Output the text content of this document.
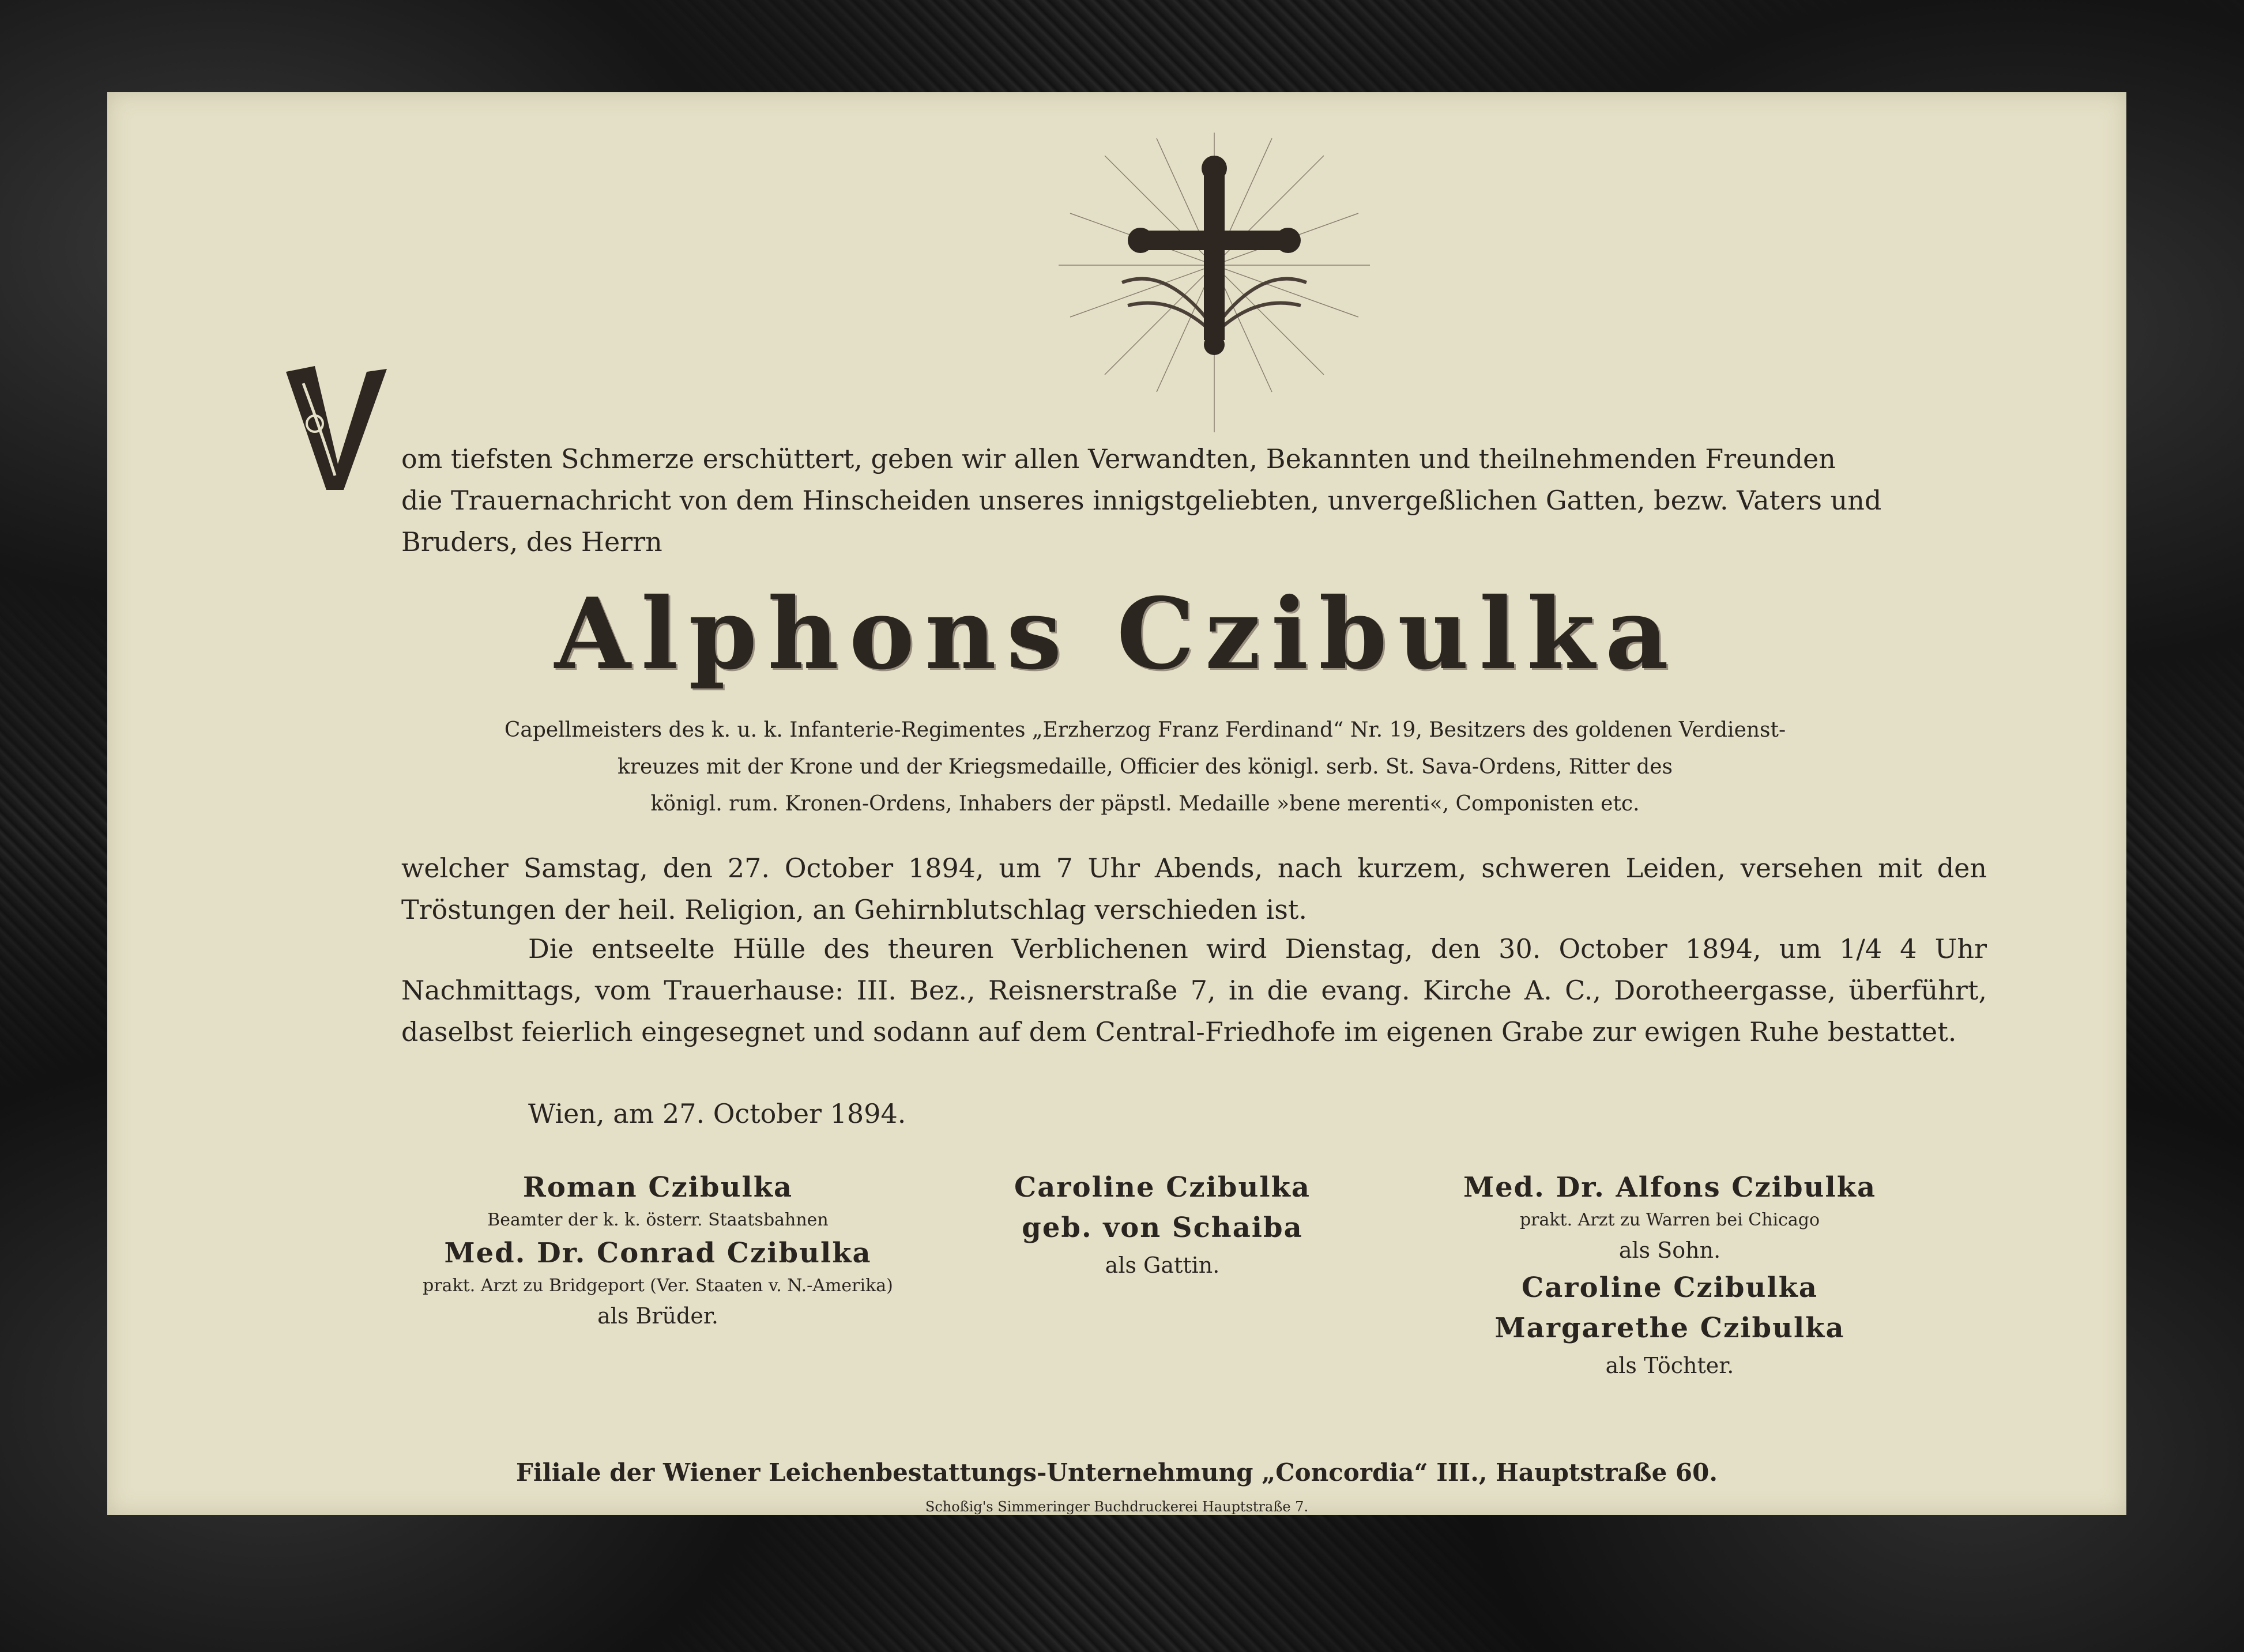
om tiefsten Schmerze erschüttert, geben wir allen Verwandten, Bekannten und theilnehmenden Freunden
die Trauernachricht von dem Hinscheiden unseres innigstgeliebten, unvergeßlichen Gatten, bezw. Vaters und
Bruders, des Herrn
Alphons Czibulka
Capellmeisters des k. u. k. Infanterie-Regimentes „Erzherzog Franz Ferdinand“ Nr. 19, Besitzers des goldenen Verdienst-
kreuzes mit der Krone und der Kriegsmedaille, Officier des königl. serb. St. Sava-Ordens, Ritter des
königl. rum. Kronen-Ordens, Inhabers der päpstl. Medaille »bene merenti«, Componisten etc.
welcher Samstag, den 27. October 1894, um 7 Uhr Abends, nach kurzem, schweren Leiden, versehen mit den Tröstungen der heil. Religion, an Gehirnblutschlag verschieden ist.
Die entseelte Hülle des theuren Verblichenen wird Dienstag, den 30. October 1894, um 1/4 4 Uhr Nachmittags, vom Trauerhause: III. Bez., Reisnerstraße 7, in die evang. Kirche A. C., Dorotheergasse, überführt, daselbst feierlich eingesegnet und sodann auf dem Central-Friedhofe im eigenen Grabe zur ewigen Ruhe bestattet.
Wien, am 27. October 1894.
Roman Czibulka
Beamter der k. k. österr. Staatsbahnen
Med. Dr. Conrad Czibulka
prakt. Arzt zu Bridgeport (Ver. Staaten v. N.-Amerika)
als Brüder.
Caroline Czibulka
geb. von Schaiba
als Gattin.
Med. Dr. Alfons Czibulka
prakt. Arzt zu Warren bei Chicago
als Sohn.
Caroline Czibulka
Margarethe Czibulka
als Töchter.
Filiale der Wiener Leichenbestattungs-Unternehmung „Concordia“ III., Hauptstraße 60.
Schoßig's Simmeringer Buchdruckerei Hauptstraße 7.
